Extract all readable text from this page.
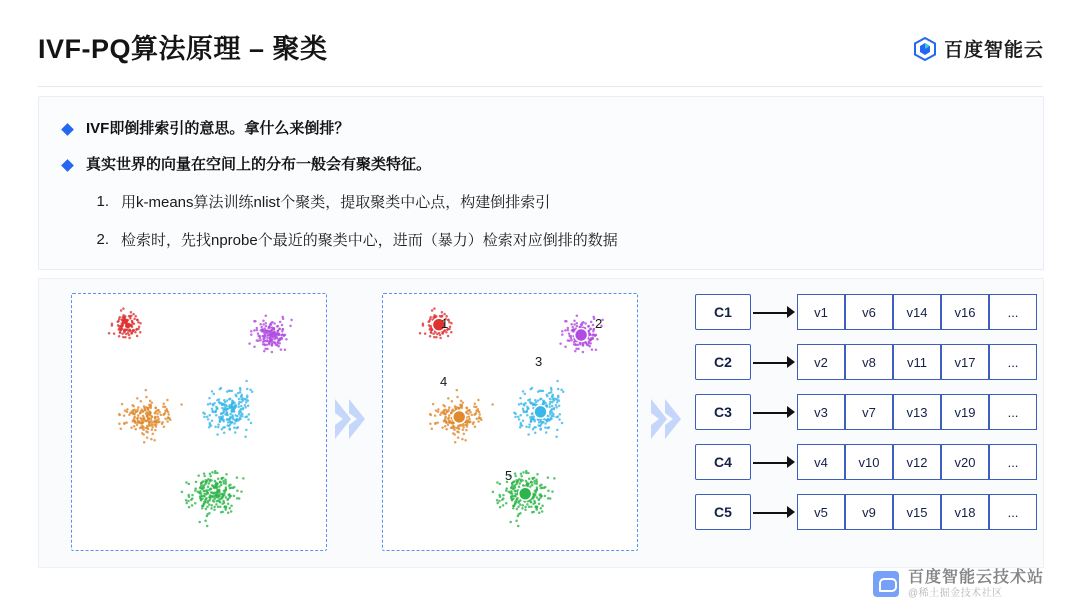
IVF-PQ算法原理 – 聚类	百度智能云
IVF即倒排索引的意思。拿什么来倒排？
真实世界的向量在空间上的分布一般会有聚类特征。
1. 用k-means算法训练nlist个聚类，提取聚类中心点，构建倒排索引
2. 检索时，先找nprobe个最近的聚类中心，进而（暴力）检索对应倒排的数据
1	2
3
4
5
C1	v1	v6	v14	v16	...
C2	v2	v8	v11	v17	...
C3	v3	v7	v13	v19	...
C4	v4	v10	v12	v20	...
C5	v5	v9	v15	v18	...
百度智能云技术站
@稀土掘金技术社区
